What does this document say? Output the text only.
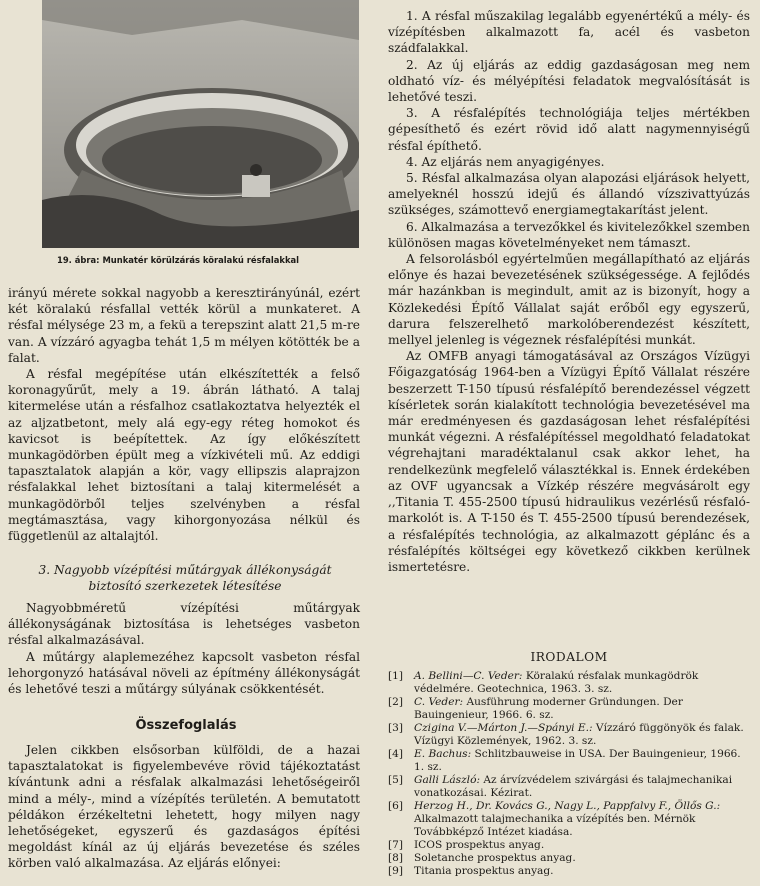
19. ábra: Munkatér körülzárás köralakú résfalakkal

irányú mérete sokkal nagyobb a keresztirányúnál, ezért két köralakú résfallal vették körül a munkateret. A résfal mélysége 23 m, a fekü a terepszint alatt 21,5 m-re van. A vízzáró agyagba tehát 1,5 m mélyen kötötték be a falat.

A résfal megépítése után elkészítették a felső koronagyűrűt, mely a 19. ábrán látható. A talaj kitermelése után a résfalhoz csatlakoztatva helyezték el az aljzatbetont, mely alá egy-egy réteg homokot és kavicsot is beépítettek. Az így előkészített munkagödörben épült meg a vízkivételi mű. Az eddigi tapasztalatok alapján a kör, vagy ellipszis alaprajzon résfalakkal lehet biztosítani a talaj kitermelését a munkagödörből teljes szelvényben a résfal megtámasztása, vagy kihorgonyozása nélkül és függetlenül az altalajtól.

3. Nagyobb vízépítési műtárgyak állékonyságát biztosító szerkezetek létesítése

Nagyobbméretű vízépítési műtárgyak állékonyságának biztosítása is lehetséges vasbeton résfal alkalmazásával.

A műtárgy alaplemezéhez kapcsolt vasbeton résfal lehorgonyzó hatásával növeli az építmény állékonyságát és lehetővé teszi a műtárgy súlyának csökkentését.

Összefoglalás

Jelen cikkben elsősorban külföldi, de a hazai tapasztalatokat is figyelembevéve rövid tájékoztatást kívántunk adni a résfalak alkalmazási lehetőségeiről mind a mély-, mind a vízépítés területén. A bemutatott példákon érzékeltetni lehetett, hogy milyen nagy lehetőségeket, egyszerű és gazdaságos építési megoldást kínál az új eljárás bevezetése és széles körben való alkalmazása. Az eljárás előnyei:

1. A résfal műszakilag legalább egyenértékű a mély- és vízépítésben alkalmazott fa, acél és vasbeton szádfalakkal.

2. Az új eljárás az eddig gazdaságosan meg nem oldható víz- és mélyépítési feladatok megvalósítását is lehetővé teszi.

3. A résfalépítés technológiája teljes mértékben gépesíthető és ezért rövid idő alatt nagymennyiségű résfal építhető.

4. Az eljárás nem anyagigényes.

5. Résfal alkalmazása olyan alapozási eljárások helyett, amelyeknél hosszú idejű és állandó vízszivattyúzás szükséges, számottevő energiamegtakarítást jelent.

6. Alkalmazása a tervezőkkel és kivitelezőkkel szemben különösen magas követelményeket nem támaszt.

A felsorolásból egyértelműen megállapítható az eljárás előnye és hazai bevezetésének szükségessége. A fejlődés már hazánkban is megindult, amit az is bizonyít, hogy a Közlekedési Építő Vállalat saját erőből egy egyszerű, darura felszerelhető markolóberendezést készített, mellyel jelenleg is végeznek résfalépítési munkát.

Az OMFB anyagi támogatásával az Országos Vízügyi Főigazgatóság 1964-ben a Vízügyi Építő Vállalat részére beszerzett T-150 típusú résfalépítő berendezéssel végzett kísérletek során kialakított technológia bevezetésével ma már eredményesen és gazdaságosan lehet résfalépítési munkát végezni. A résfalépítéssel megoldható feladatokat végrehajtani maradéktalanul csak akkor lehet, ha rendelkezünk megfelelő választékkal is. Ennek érdekében az OVF ugyancsak a Vízkép részére megvásárolt egy ,,Titania T. 455-2500 típusú hidraulikus vezérlésű résfaló-markolót is. A T-150 és T. 455-2500 típusú berendezések, a résfalépítés technológia, az alkalmazott géplánc és a résfalépítés költségei egy következő cikkben kerülnek ismertetésre.

IRODALOM
[1]	A. Bellini—C. Veder: Köralakú résfalak munkagödrök védelmére. Geotechnica, 1963. 3. sz.
[2]	C. Veder: Ausführung moderner Gründungen. Der Bauingenieur, 1966. 6. sz.
[3]	Czigina V.—Márton J.—Spányi E.: Vízzáró függönyök és falak. Vízügyi Közlemények, 1962. 3. sz.
[4]	E. Bachus: Schlitzbauweise in USA. Der Bauingenieur, 1966. 1. sz.
[5]	Galli László: Az árvízvédelem szivárgási és talajmechanikai vonatkozásai. Kézirat.
[6]	Herzog H., Dr. Kovács G., Nagy L., Pappfalvy F., Öllős G.: Alkalmazott talajmechanika a vízépítés ben. Mérnök Továbbképző Intézet kiadása.
[7]	ICOS prospektus anyag.
[8]	Soletanche prospektus anyag.
[9]	Titania prospektus anyag.
